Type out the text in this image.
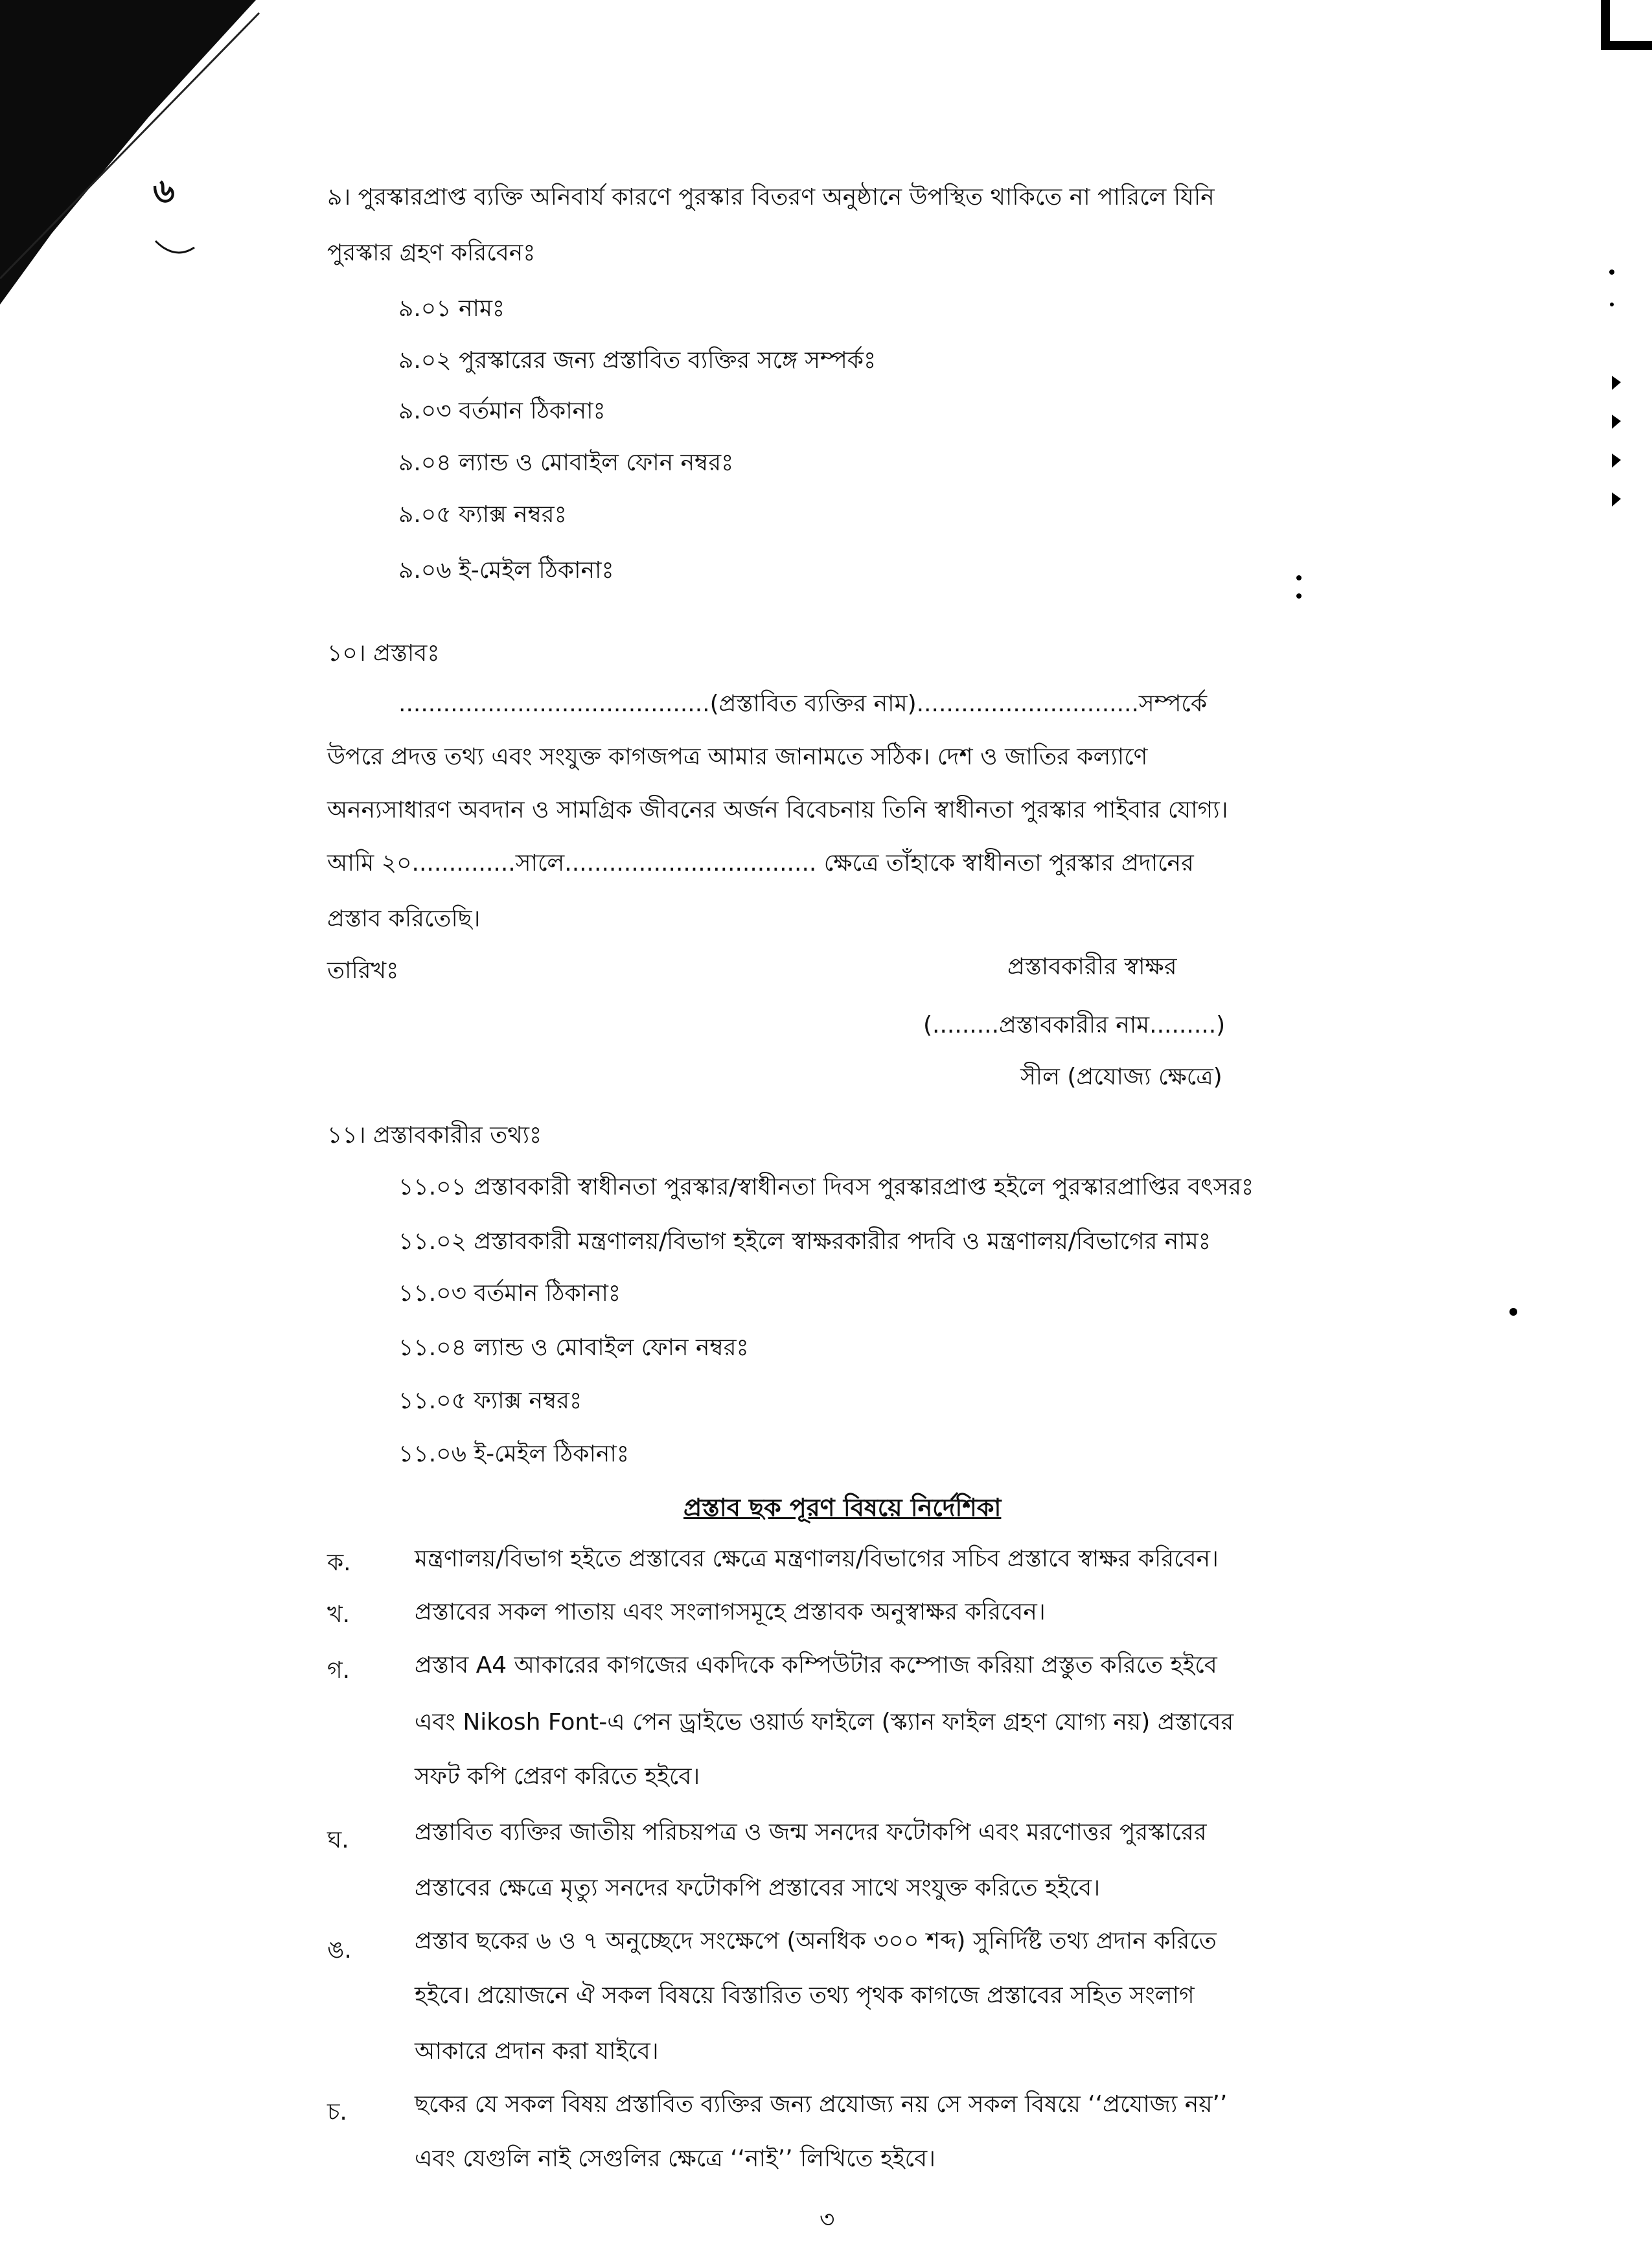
৬	৯। পুরস্কারপ্রাপ্ত ব্যক্তি অনিবার্য কারণে পুরস্কার বিতরণ অনুষ্ঠানে উপস্থিত থাকিতে না পারিলে যিনি
পুরস্কার গ্রহণ করিবেনঃ
৯.০১ নামঃ
৯.০২ পুরস্কারের জন্য প্রস্তাবিত ব্যক্তির সঙ্গে সম্পর্কঃ
৯.০৩ বর্তমান ঠিকানাঃ
৯.০৪ ল্যান্ড ও মোবাইল ফোন নম্বরঃ
৯.০৫ ফ্যাক্স নম্বরঃ
৯.০৬ ই-মেইল ঠিকানাঃ
১০। প্রস্তাবঃ
..........................................(প্রস্তাবিত ব্যক্তির নাম)..............................সম্পর্কে
উপরে প্রদত্ত তথ্য এবং সংযুক্ত কাগজপত্র আমার জানামতে সঠিক। দেশ ও জাতির কল্যাণে
অনন্যসাধারণ অবদান ও সামগ্রিক জীবনের অর্জন বিবেচনায় তিনি স্বাধীনতা পুরস্কার পাইবার যোগ্য।
আমি ২০..............সালে.................................. ক্ষেত্রে তাঁহাকে স্বাধীনতা পুরস্কার প্রদানের
প্রস্তাব করিতেছি।
তারিখঃ	প্রস্তাবকারীর স্বাক্ষর
(.........প্রস্তাবকারীর নাম.........)
সীল (প্রযোজ্য ক্ষেত্রে)
১১। প্রস্তাবকারীর তথ্যঃ
১১.০১ প্রস্তাবকারী স্বাধীনতা পুরস্কার/স্বাধীনতা দিবস পুরস্কারপ্রাপ্ত হইলে পুরস্কারপ্রাপ্তির বৎসরঃ
১১.০২ প্রস্তাবকারী মন্ত্রণালয়/বিভাগ হইলে স্বাক্ষরকারীর পদবি ও মন্ত্রণালয়/বিভাগের নামঃ
১১.০৩ বর্তমান ঠিকানাঃ
১১.০৪ ল্যান্ড ও মোবাইল ফোন নম্বরঃ
১১.০৫ ফ্যাক্স নম্বরঃ
১১.০৬ ই-মেইল ঠিকানাঃ
প্রস্তাব ছক পূরণ বিষয়ে নির্দেশিকা
ক.	মন্ত্রণালয়/বিভাগ হইতে প্রস্তাবের ক্ষেত্রে মন্ত্রণালয়/বিভাগের সচিব প্রস্তাবে স্বাক্ষর করিবেন।
খ.	প্রস্তাবের সকল পাতায় এবং সংলাগসমূহে প্রস্তাবক অনুস্বাক্ষর করিবেন।
গ.	প্রস্তাব A4 আকারের কাগজের একদিকে কম্পিউটার কম্পোজ করিয়া প্রস্তুত করিতে হইবে
এবং Nikosh Font-এ পেন ড্রাইভে ওয়ার্ড ফাইলে (স্ক্যান ফাইল গ্রহণ যোগ্য নয়) প্রস্তাবের
সফট কপি প্রেরণ করিতে হইবে।
ঘ.	প্রস্তাবিত ব্যক্তির জাতীয় পরিচয়পত্র ও জন্ম সনদের ফটোকপি এবং মরণোত্তর পুরস্কারের
প্রস্তাবের ক্ষেত্রে মৃত্যু সনদের ফটোকপি প্রস্তাবের সাথে সংযুক্ত করিতে হইবে।
ঙ.	প্রস্তাব ছকের ৬ ও ৭ অনুচ্ছেদে সংক্ষেপে (অনধিক ৩০০ শব্দ) সুনির্দিষ্ট তথ্য প্রদান করিতে
হইবে। প্রয়োজনে ঐ সকল বিষয়ে বিস্তারিত তথ্য পৃথক কাগজে প্রস্তাবের সহিত সংলাগ
আকারে প্রদান করা যাইবে।
চ.	ছকের যে সকল বিষয় প্রস্তাবিত ব্যক্তির জন্য প্রযোজ্য নয় সে সকল বিষয়ে ‘‘প্রযোজ্য নয়’’
এবং যেগুলি নাই সেগুলির ক্ষেত্রে ‘‘নাই’’ লিখিতে হইবে।
৩
